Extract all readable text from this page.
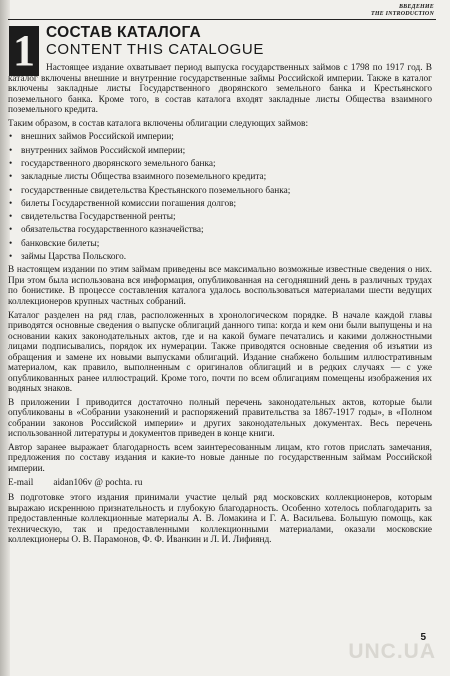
ВВЕДЕНИЕ
THE INTRODUCTION
1 СОСТАВ КАТАЛОГА
CONTENT THIS CATALOGUE

Настоящее издание охватывает период выпуска государственных займов с 1798 по 1917 год. В каталог включены внешние и внутренние государственные займы Российской империи. Также в каталог включены закладные листы Государственного дворянского земельного банка и Крестьянского поземельного банка. Кроме того, в состав каталога входят закладные листы Общества взаимного поземельного кредита.

Таким образом, в состав каталога включены облигации следующих займов:

• внешних займов Российской империи;
• внутренних займов Российской империи;
• государственного дворянского земельного банка;
• закладные листы Общества взаимного поземельного кредита;
• государственные свидетельства Крестьянского поземельного банка;
• билеты Государственной комиссии погашения долгов;
• свидетельства Государственной ренты;
• обязательства государственного казначейства;
• банковские билеты;
• займы Царства Польского.

В настоящем издании по этим займам приведены все максимально возможные известные сведения о них. При этом была использована вся информация, опубликованная на сегодняшний день в различных трудах по бонистике. В процессе составления каталога удалось воспользоваться материалами шести ведущих коллекционеров крупных частных собраний.

Каталог разделен на ряд глав, расположенных в хронологическом порядке. В начале каждой главы приводятся основные сведения о выпуске облигаций данного типа: когда и кем они были выпущены и на основании каких законодательных актов, где и на какой бумаге печатались и какими должностными лицами подписывались, порядок их нумерации. Также приводятся основные сведения об изъятии из обращения и замене их новыми выпусками облигаций. Издание снабжено большим иллюстративным материалом, как правило, выполненным с оригиналов облигаций и в редких случаях — с уже опубликованных ранее иллюстраций. Кроме того, почти по всем облигациям помещены изображения их водяных знаков.

В приложении I приводится достаточно полный перечень законодательных актов, которые были опубликованы в «Собрании узаконений и распоряжений правительства за 1867-1917 годы», в «Полном собрании законов Российской империи» и других законодательных документах. Весь перечень использованной литературы и документов приведен в конце книги.

Автор заранее выражает благодарность всем заинтересованным лицам, кто готов прислать замечания, предложения по составу издания и какие-то новые данные по государственным займам Российской империи.

E-mail aidan106v @ pochta. ru

В подготовке этого издания принимали участие целый ряд московских коллекционеров, которым выражаю искреннюю признательность и глубокую благодарность. Особенно хотелось поблагодарить за предоставленные коллекционные материалы А. В. Ломакина и Г. А. Васильева. Большую помощь, как техническую, так и предоставленными коллекционными материалами, оказали московские коллекционеры О. В. Парамонов, Ф. Ф. Иванкин и Л. И. Лифиянд.

5
UNC.UA
